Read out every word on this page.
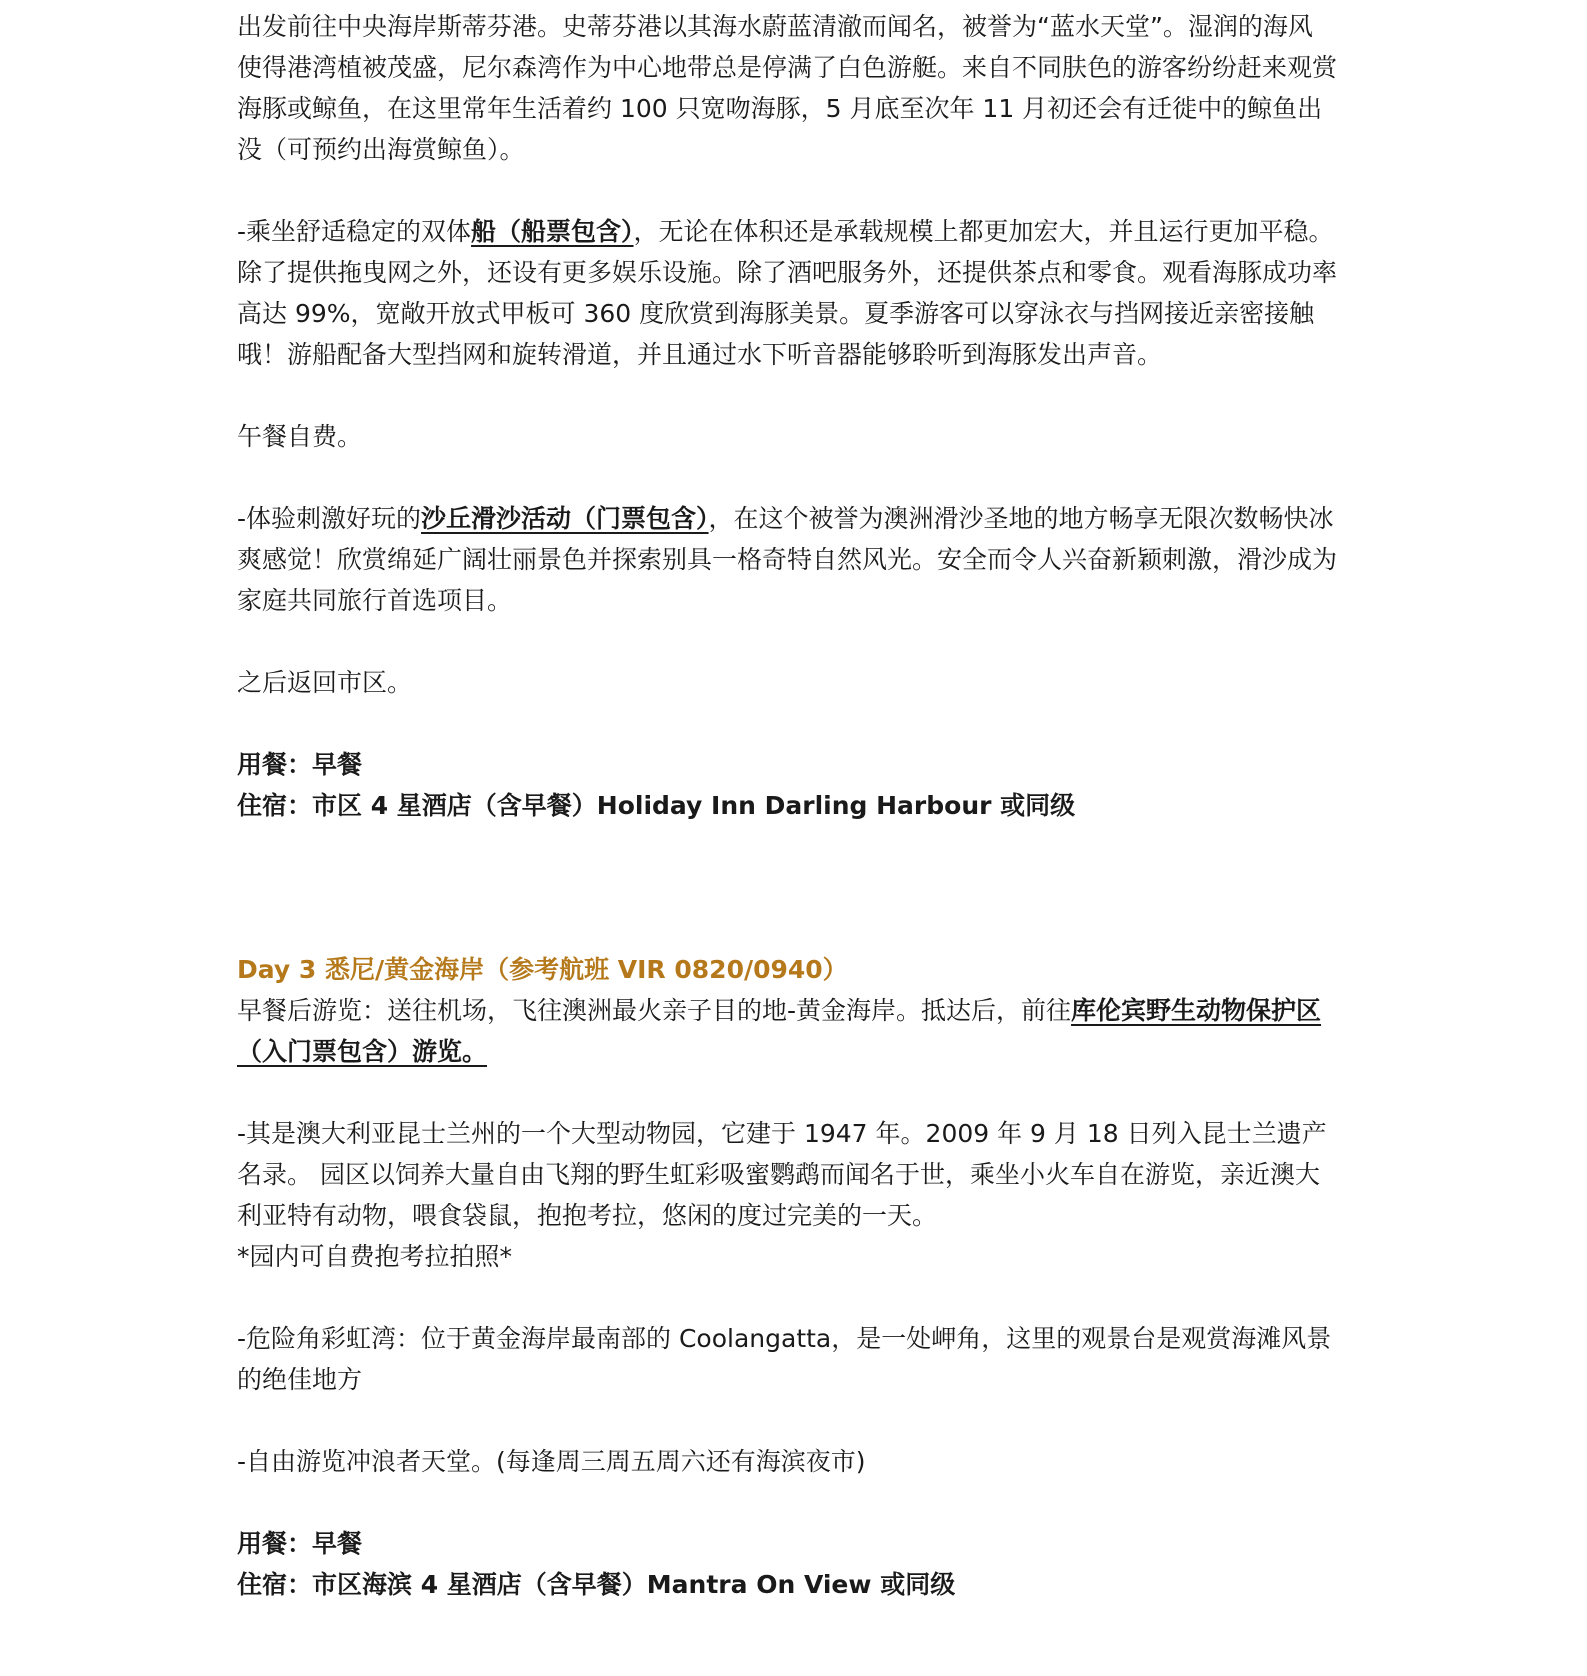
出发前往中央海岸斯蒂芬港。史蒂芬港以其海水蔚蓝清澈而闻名，被誉为“蓝水天堂”。湿润的海风使得港湾植被茂盛，尼尔森湾作为中心地带总是停满了白色游艇。来自不同肤色的游客纷纷赶来观赏海豚或鲸鱼，在这里常年生活着约 100 只宽吻海豚，5 月底至次年 11 月初还会有迁徙中的鲸鱼出没（可预约出海赏鲸鱼）。

-乘坐舒适稳定的双体船（船票包含），无论在体积还是承载规模上都更加宏大，并且运行更加平稳。除了提供拖曳网之外，还设有更多娱乐设施。除了酒吧服务外，还提供茶点和零食。观看海豚成功率高达 99%，宽敞开放式甲板可 360 度欣赏到海豚美景。夏季游客可以穿泳衣与挡网接近亲密接触哦！游船配备大型挡网和旋转滑道，并且通过水下听音器能够聆听到海豚发出声音。

午餐自费。

-体验刺激好玩的沙丘滑沙活动（门票包含），在这个被誉为澳洲滑沙圣地的地方畅享无限次数畅快冰爽感觉！欣赏绵延广阔壮丽景色并探索别具一格奇特自然风光。安全而令人兴奋新颖刺激，滑沙成为家庭共同旅行首选项目。

之后返回市区。

用餐：早餐

住宿：市区 4 星酒店（含早餐）Holiday Inn Darling Harbour 或同级

Day 3 悉尼/黄金海岸（参考航班 VIR 0820/0940）

早餐后游览：送往机场，飞往澳洲最火亲子目的地-黄金海岸。抵达后，前往库伦宾野生动物保护区（入门票包含）游览。

-其是澳大利亚昆士兰州的一个大型动物园，它建于 1947 年。2009 年 9 月 18 日列入昆士兰遗产名录。 园区以饲养大量自由飞翔的野生虹彩吸蜜鹦鹉而闻名于世，乘坐小火车自在游览，亲近澳大利亚特有动物，喂食袋鼠，抱抱考拉，悠闲的度过完美的一天。

*园内可自费抱考拉拍照*

-危险角彩虹湾：位于黄金海岸最南部的 Coolangatta，是一处岬角，这里的观景台是观赏海滩风景的绝佳地方

-自由游览冲浪者天堂。(每逢周三周五周六还有海滨夜市)

用餐：早餐

住宿：市区海滨 4 星酒店（含早餐）Mantra On View 或同级
